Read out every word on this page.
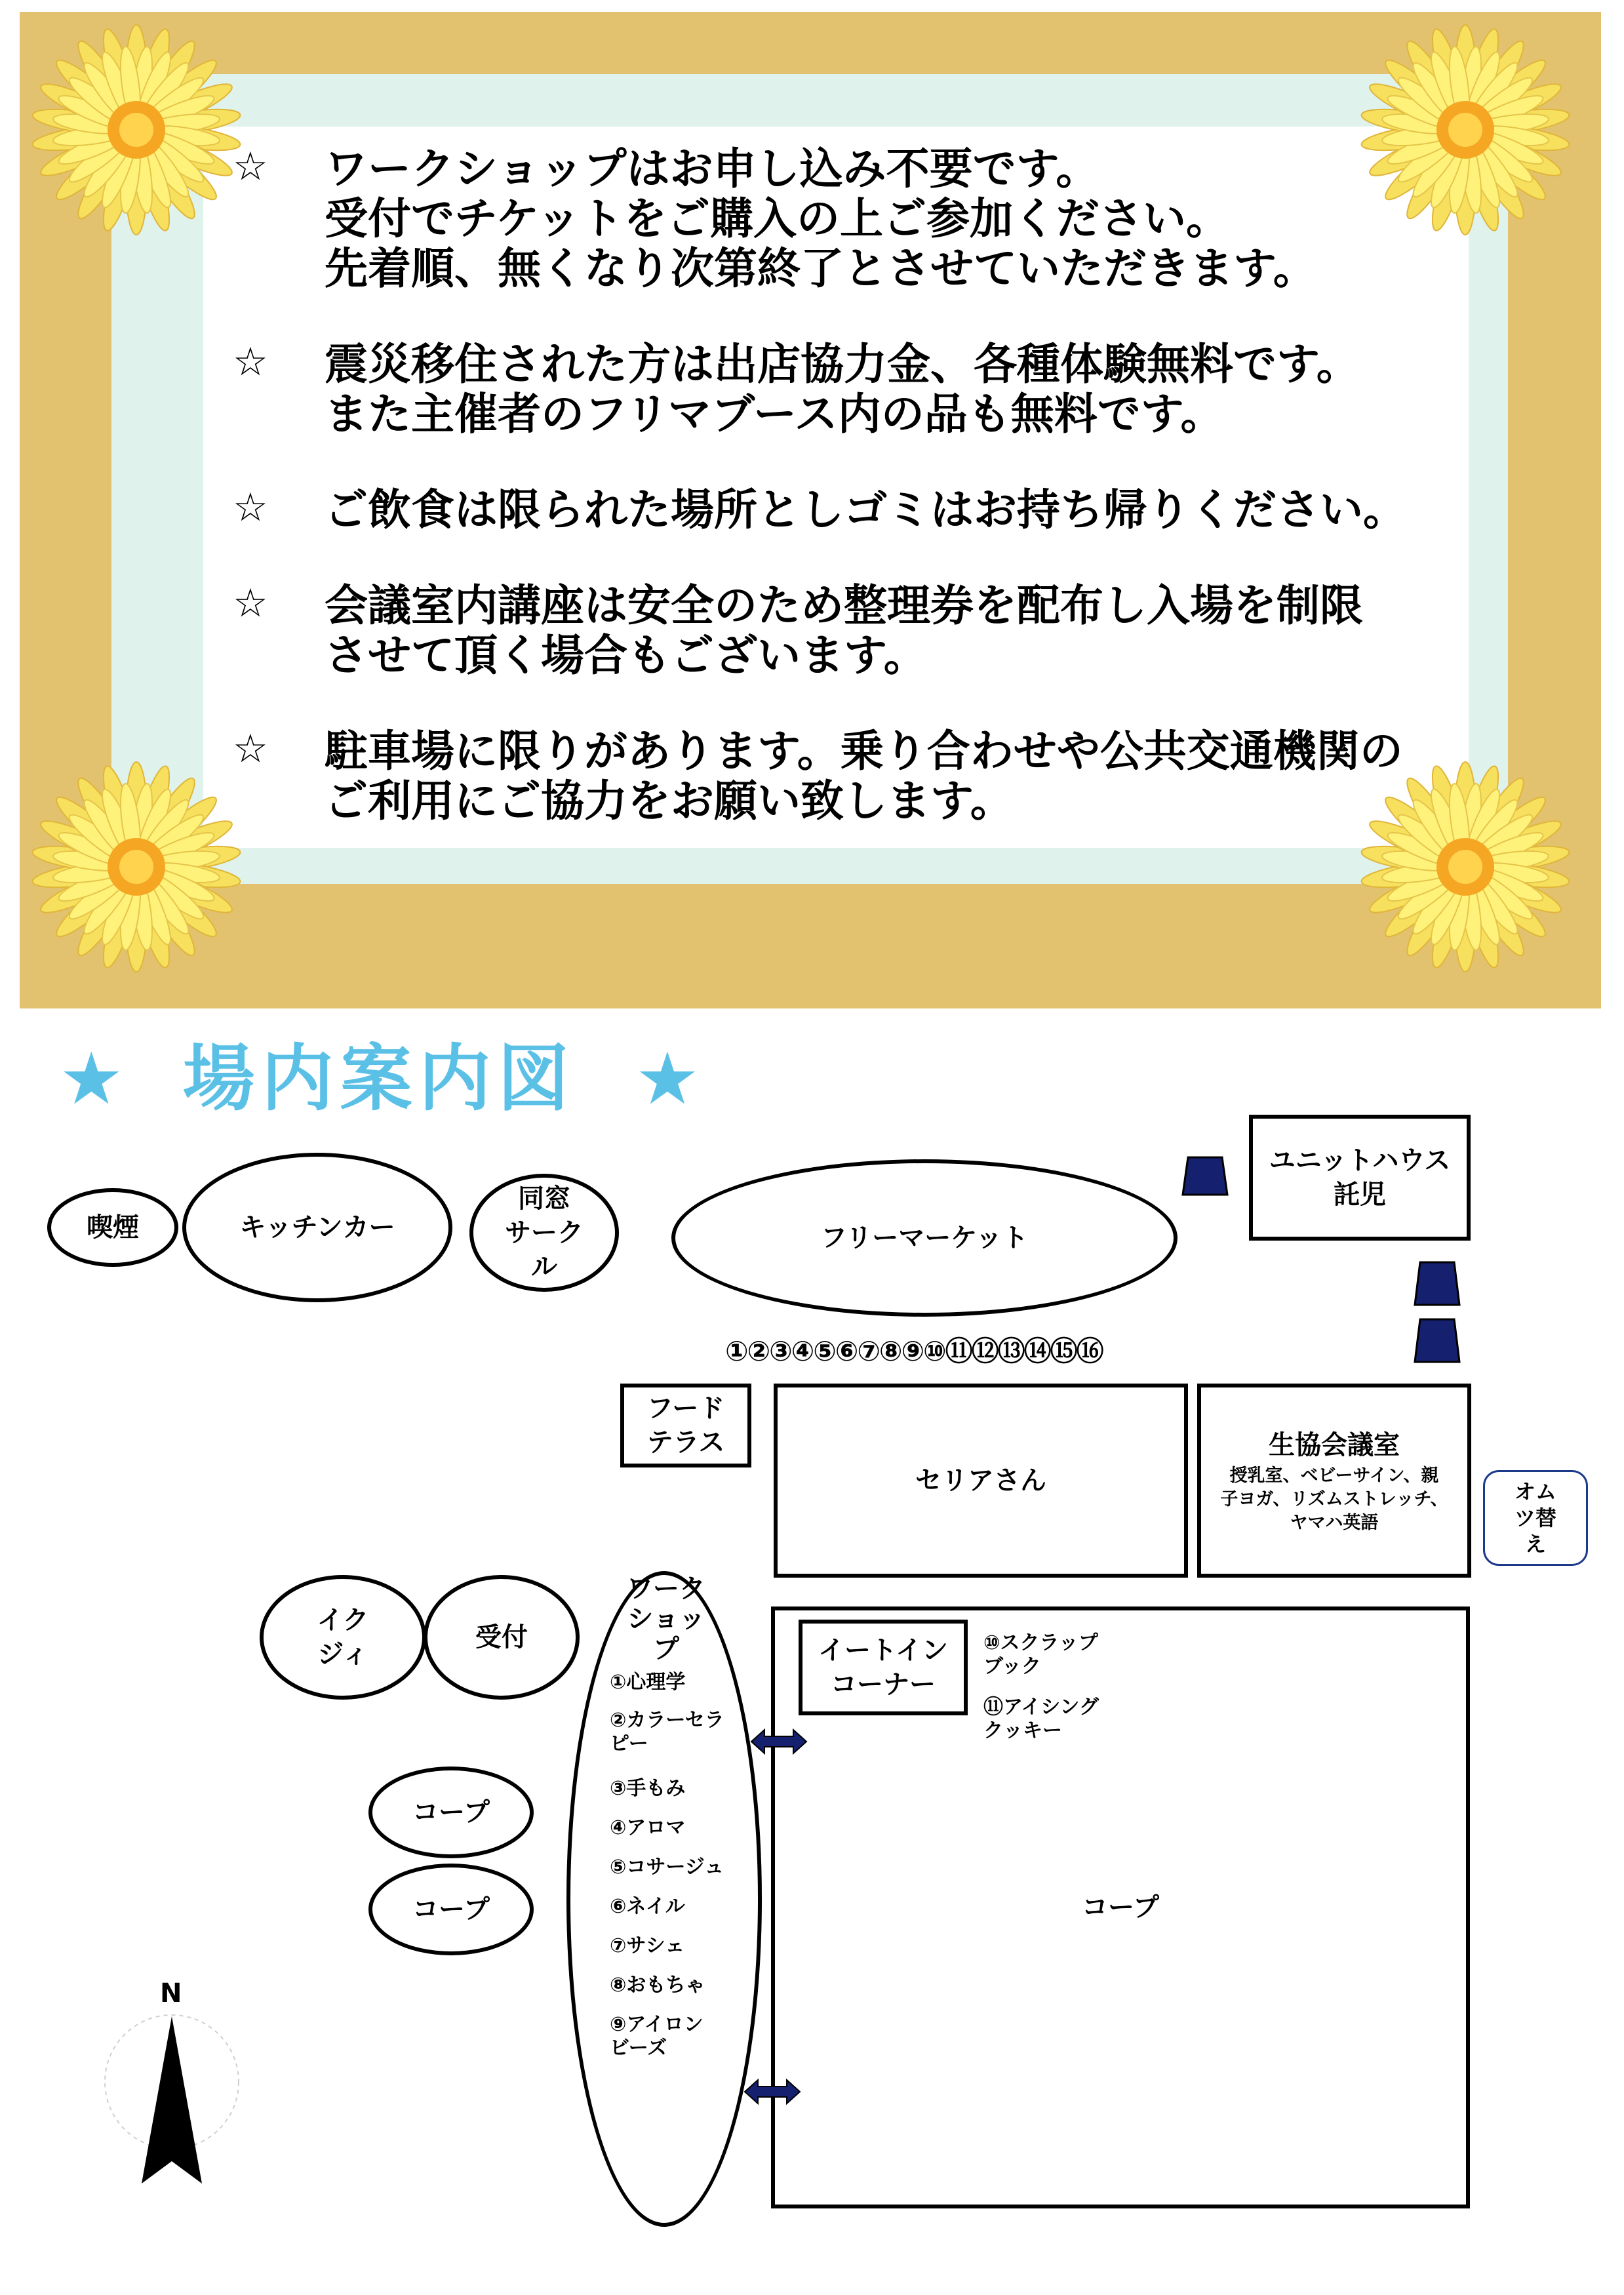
☆ ワークショップはお申し込み不要です。
受付でチケットをご購入の上ご参加ください。
先着順、無くなり次第終了とさせていただきます。
☆ 震災移住された方は出店協力金、各種体験無料です。
また主催者のフリマブース内の品も無料です。
☆ ご飲食は限られた場所としゴミはお持ち帰りください。
☆ 会議室内講座は安全のため整理券を配布し入場を制限
させて頂く場合もございます。
☆ 駐車場に限りがあります。乗り合わせや公共交通機関の
ご利用にご協力をお願い致します。
★ 場内案内図 ★
喫煙	キッチンカー
同窓
サーク
ル
フリーマーケット
ユニットハウス
託児
①②③④⑤⑥⑦⑧⑨⑩⑪⑫⑬⑭⑮⑯
フード
テラス
セリアさん
生協会議室
授乳室、ベビーサイン、親
子ヨガ、リズムストレッチ、
ヤマハ英語
オム
ツ替
え
イク
ジィ
受付
ワーク
ショッ
プ
①心理学
②カラーセラ
ピー
③手もみ
④アロマ
⑤コサージュ
⑥ネイル
⑦サシェ
⑧おもちゃ
⑨アイロン
ビーズ
コープ
イートイン
コーナー
⑩スクラップ
ブック
⑪アイシング
クッキー
コープ
コープ
N
